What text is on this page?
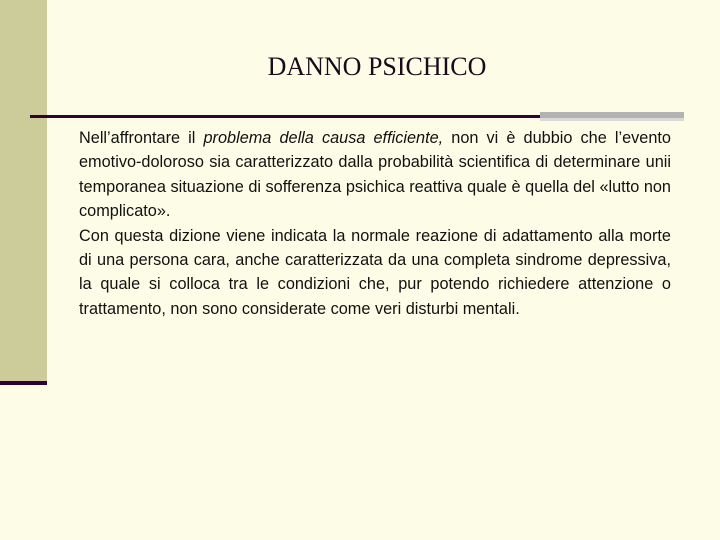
DANNO PSICHICO

Nell’affrontare il problema della causa efficiente, non vi è dubbio che l’evento emotivo-doloroso sia caratterizzato dalla probabilità scientifica di determinare unii temporanea situazione di sofferenza psichica reattiva quale è quella del «lutto non complicato».

Con questa dizione viene indicata la normale reazione di adattamento alla morte di una persona cara, anche caratterizzata da una completa sindrome depressiva, la quale si colloca tra le condizioni che, pur potendo richiedere attenzione o trattamento, non sono considerate come veri disturbi mentali.
